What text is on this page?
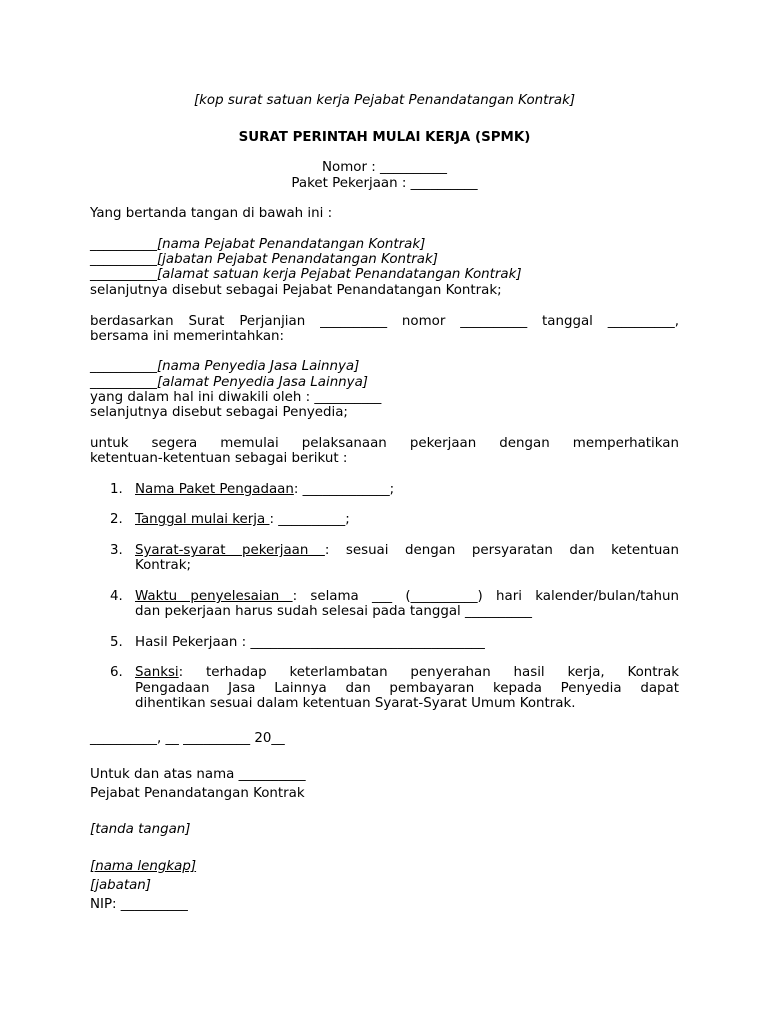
[kop surat satuan kerja Pejabat Penandatangan Kontrak]

SURAT PERINTAH MULAI KERJA (SPMK)

Nomor : __________

Paket Pekerjaan : __________

Yang bertanda tangan di bawah ini :

__________[nama Pejabat Penandatangan Kontrak]

__________[jabatan Pejabat Penandatangan Kontrak]

__________[alamat satuan kerja Pejabat Penandatangan Kontrak]

selanjutnya disebut sebagai Pejabat Penandatangan Kontrak;

berdasarkan Surat Perjanjian __________ nomor __________ tanggal __________,

bersama ini memerintahkan:

__________[nama Penyedia Jasa Lainnya]

__________[alamat Penyedia Jasa Lainnya]

yang dalam hal ini diwakili oleh : __________

selanjutnya disebut sebagai Penyedia;

untuk segera memulai pelaksanaan pekerjaan dengan memperhatikan

ketentuan-ketentuan sebagai berikut :

1. Nama Paket Pengadaan: _____________;

2. Tanggal mulai kerja : __________;

3. Syarat-syarat pekerjaan : sesuai dengan persyaratan dan ketentuan

Kontrak;

4. Waktu penyelesaian : selama ___ (__________) hari kalender/bulan/tahun

dan pekerjaan harus sudah selesai pada tanggal __________

5. Hasil Pekerjaan : ___________________________________

6. Sanksi: terhadap keterlambatan penyerahan hasil kerja, Kontrak

Pengadaan Jasa Lainnya dan pembayaran kepada Penyedia dapat

dihentikan sesuai dalam ketentuan Syarat-Syarat Umum Kontrak.

__________, __ __________ 20__

Untuk dan atas nama __________

Pejabat Penandatangan Kontrak

[tanda tangan]

[nama lengkap]

[jabatan]

NIP: __________
